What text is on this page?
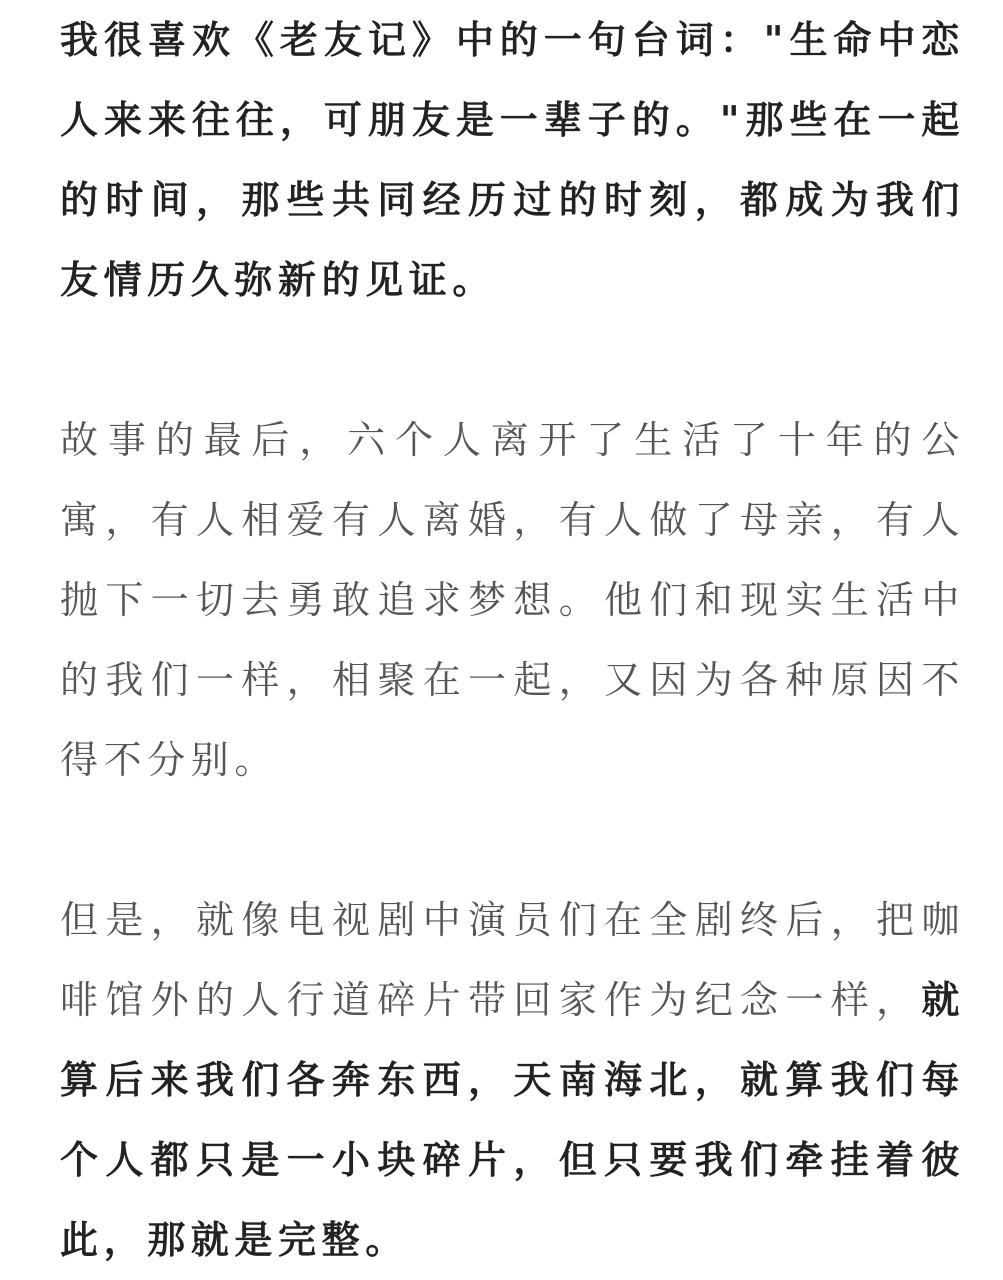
我很喜欢《老友记》中的一句台词："生命中恋人来来往往，可朋友是一辈子的。"那些在一起的时间，那些共同经历过的时刻，都成为我们友情历久弥新的见证。

故事的最后，六个人离开了生活了十年的公寓，有人相爱有人离婚，有人做了母亲，有人抛下一切去勇敢追求梦想。他们和现实生活中的我们一样，相聚在一起，又因为各种原因不得不分别。

但是，就像电视剧中演员们在全剧终后，把咖啡馆外的人行道碎片带回家作为纪念一样，就算后来我们各奔东西，天南海北，就算我们每个人都只是一小块碎片，但只要我们牵挂着彼此，那就是完整。
